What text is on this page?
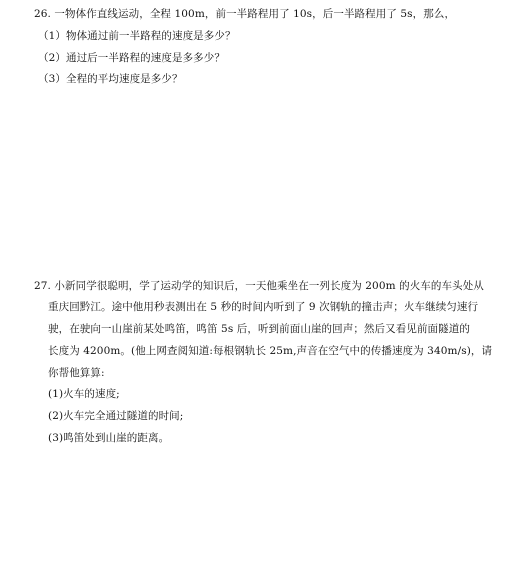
26. 一物体作直线运动，全程 100m，前一半路程用了 10s，后一半路程用了 5s，那么，
（1）物体通过前一半路程的速度是多少？
（2）通过后一半路程的速度是多多少？
（3）全程的平均速度是多少？
27. 小新同学很聪明，学了运动学的知识后，一天他乘坐在一列长度为 200m 的火车的车头处从
重庆回黔江。途中他用秒表测出在 5 秒的时间内听到了 9 次钢轨的撞击声；火车继续匀速行
驶，在驶向一山崖前某处鸣笛，鸣笛 5s 后，听到前面山崖的回声；然后又看见前面隧道的
长度为 4200m。(他上网查阅知道:每根钢轨长 25m,声音在空气中的传播速度为 340m/s)，请
你帮他算算:
(1)火车的速度;
(2)火车完全通过隧道的时间;
(3)鸣笛处到山崖的距离。
